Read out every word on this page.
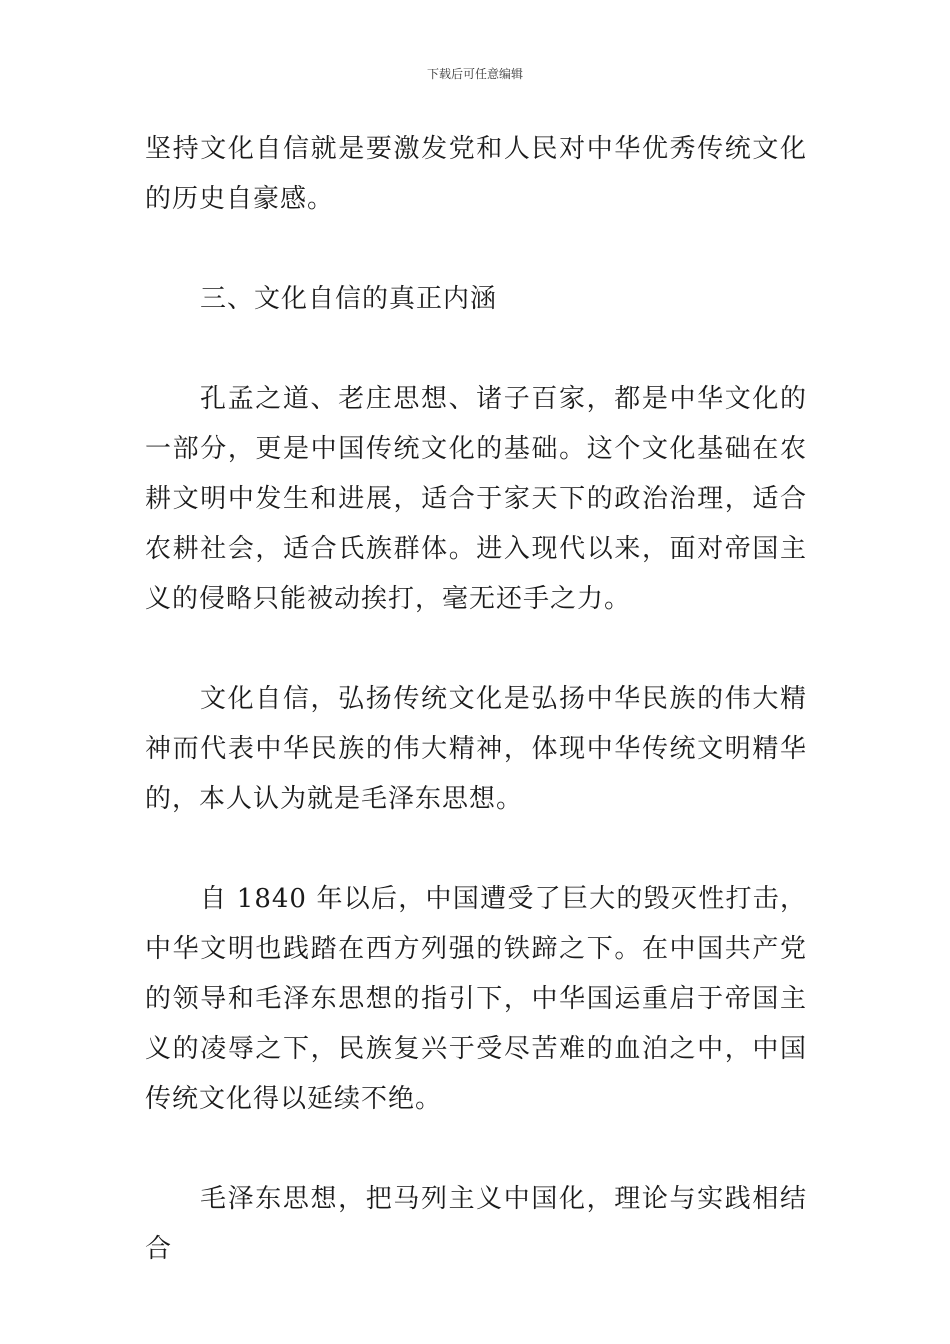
下载后可任意编辑

坚持文化自信就是要激发党和人民对中华优秀传统文化的历史自豪感。

三、文化自信的真正内涵

孔孟之道、老庄思想、诸子百家，都是中华文化的一部分，更是中国传统文化的基础。这个文化基础在农耕文明中发生和进展，适合于家天下的政治治理，适合农耕社会，适合氏族群体。进入现代以来，面对帝国主义的侵略只能被动挨打，毫无还手之力。

文化自信，弘扬传统文化是弘扬中华民族的伟大精神而代表中华民族的伟大精神，体现中华传统文明精华的，本人认为就是毛泽东思想。

自 1840 年以后，中国遭受了巨大的毁灭性打击，中华文明也践踏在西方列强的铁蹄之下。在中国共产党的领导和毛泽东思想的指引下，中华国运重启于帝国主义的凌辱之下，民族复兴于受尽苦难的血泊之中，中国传统文化得以延续不绝。

毛泽东思想，把马列主义中国化，理论与实践相结合
